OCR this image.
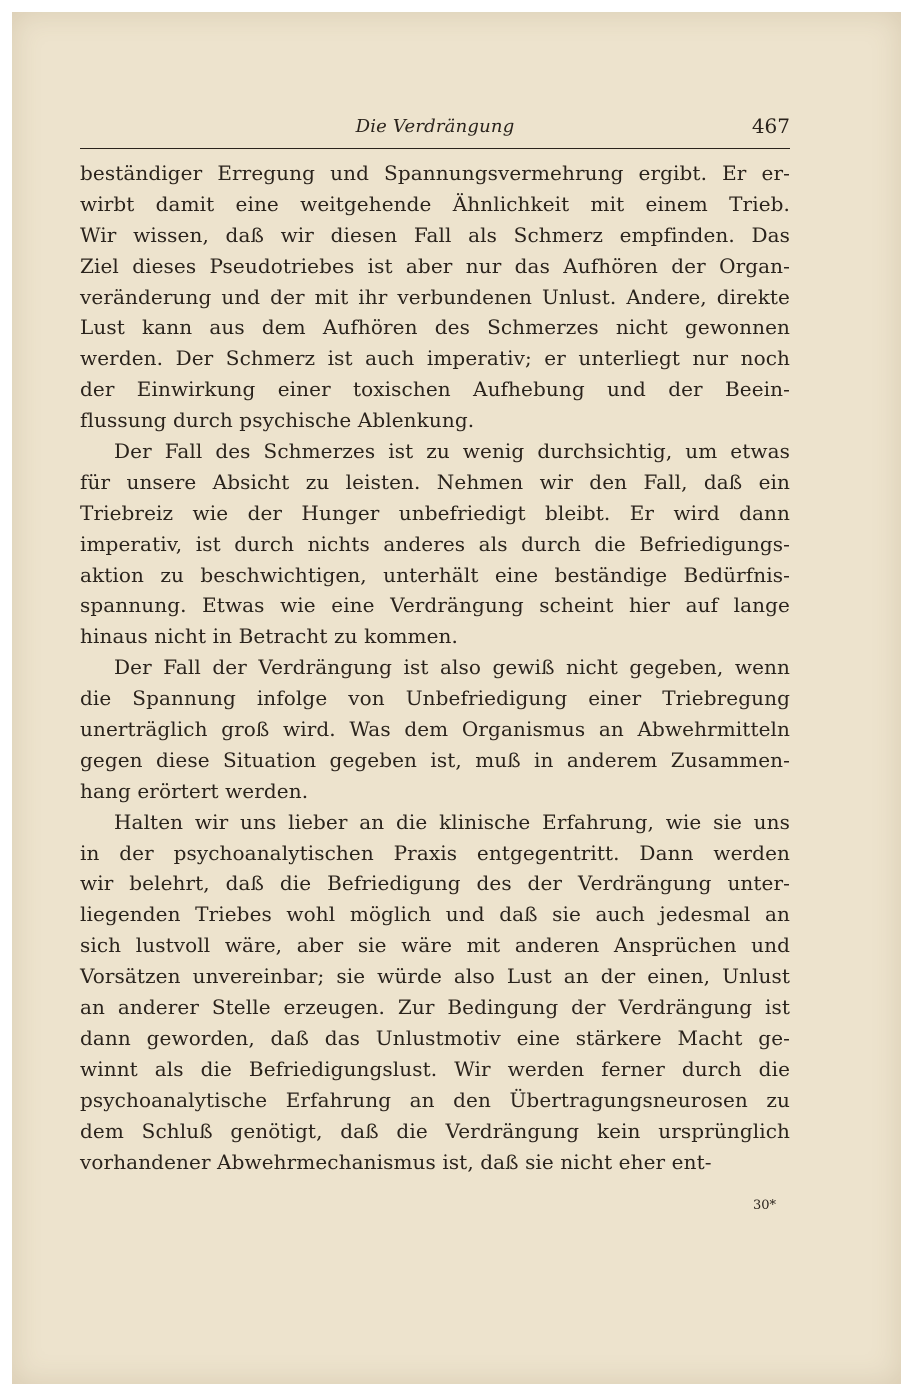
Die Verdrängung	467
beständiger Erregung und Spannungsvermehrung ergibt. Er er-
wirbt damit eine weitgehende Ähnlichkeit mit einem Trieb.
Wir wissen, daß wir diesen Fall als Schmerz empfinden. Das
Ziel dieses Pseudotriebes ist aber nur das Aufhören der Organ-
veränderung und der mit ihr verbundenen Unlust. Andere, direkte
Lust kann aus dem Aufhören des Schmerzes nicht gewonnen
werden. Der Schmerz ist auch imperativ; er unterliegt nur noch
der Einwirkung einer toxischen Aufhebung und der Beein-
flussung durch psychische Ablenkung.
Der Fall des Schmerzes ist zu wenig durchsichtig, um etwas
für unsere Absicht zu leisten. Nehmen wir den Fall, daß ein
Triebreiz wie der Hunger unbefriedigt bleibt. Er wird dann
imperativ, ist durch nichts anderes als durch die Befriedigungs-
aktion zu beschwichtigen, unterhält eine beständige Bedürfnis-
spannung. Etwas wie eine Verdrängung scheint hier auf lange
hinaus nicht in Betracht zu kommen.
Der Fall der Verdrängung ist also gewiß nicht gegeben, wenn
die Spannung infolge von Unbefriedigung einer Triebregung
unerträglich groß wird. Was dem Organismus an Abwehrmitteln
gegen diese Situation gegeben ist, muß in anderem Zusammen-
hang erörtert werden.
Halten wir uns lieber an die klinische Erfahrung, wie sie uns
in der psychoanalytischen Praxis entgegentritt. Dann werden
wir belehrt, daß die Befriedigung des der Verdrängung unter-
liegenden Triebes wohl möglich und daß sie auch jedesmal an
sich lustvoll wäre, aber sie wäre mit anderen Ansprüchen und
Vorsätzen unvereinbar; sie würde also Lust an der einen, Unlust
an anderer Stelle erzeugen. Zur Bedingung der Verdrängung ist
dann geworden, daß das Unlustmotiv eine stärkere Macht ge-
winnt als die Befriedigungslust. Wir werden ferner durch die
psychoanalytische Erfahrung an den Übertragungsneurosen zu
dem Schluß genötigt, daß die Verdrängung kein ursprünglich
vorhandener Abwehrmechanismus ist, daß sie nicht eher ent-
30*
